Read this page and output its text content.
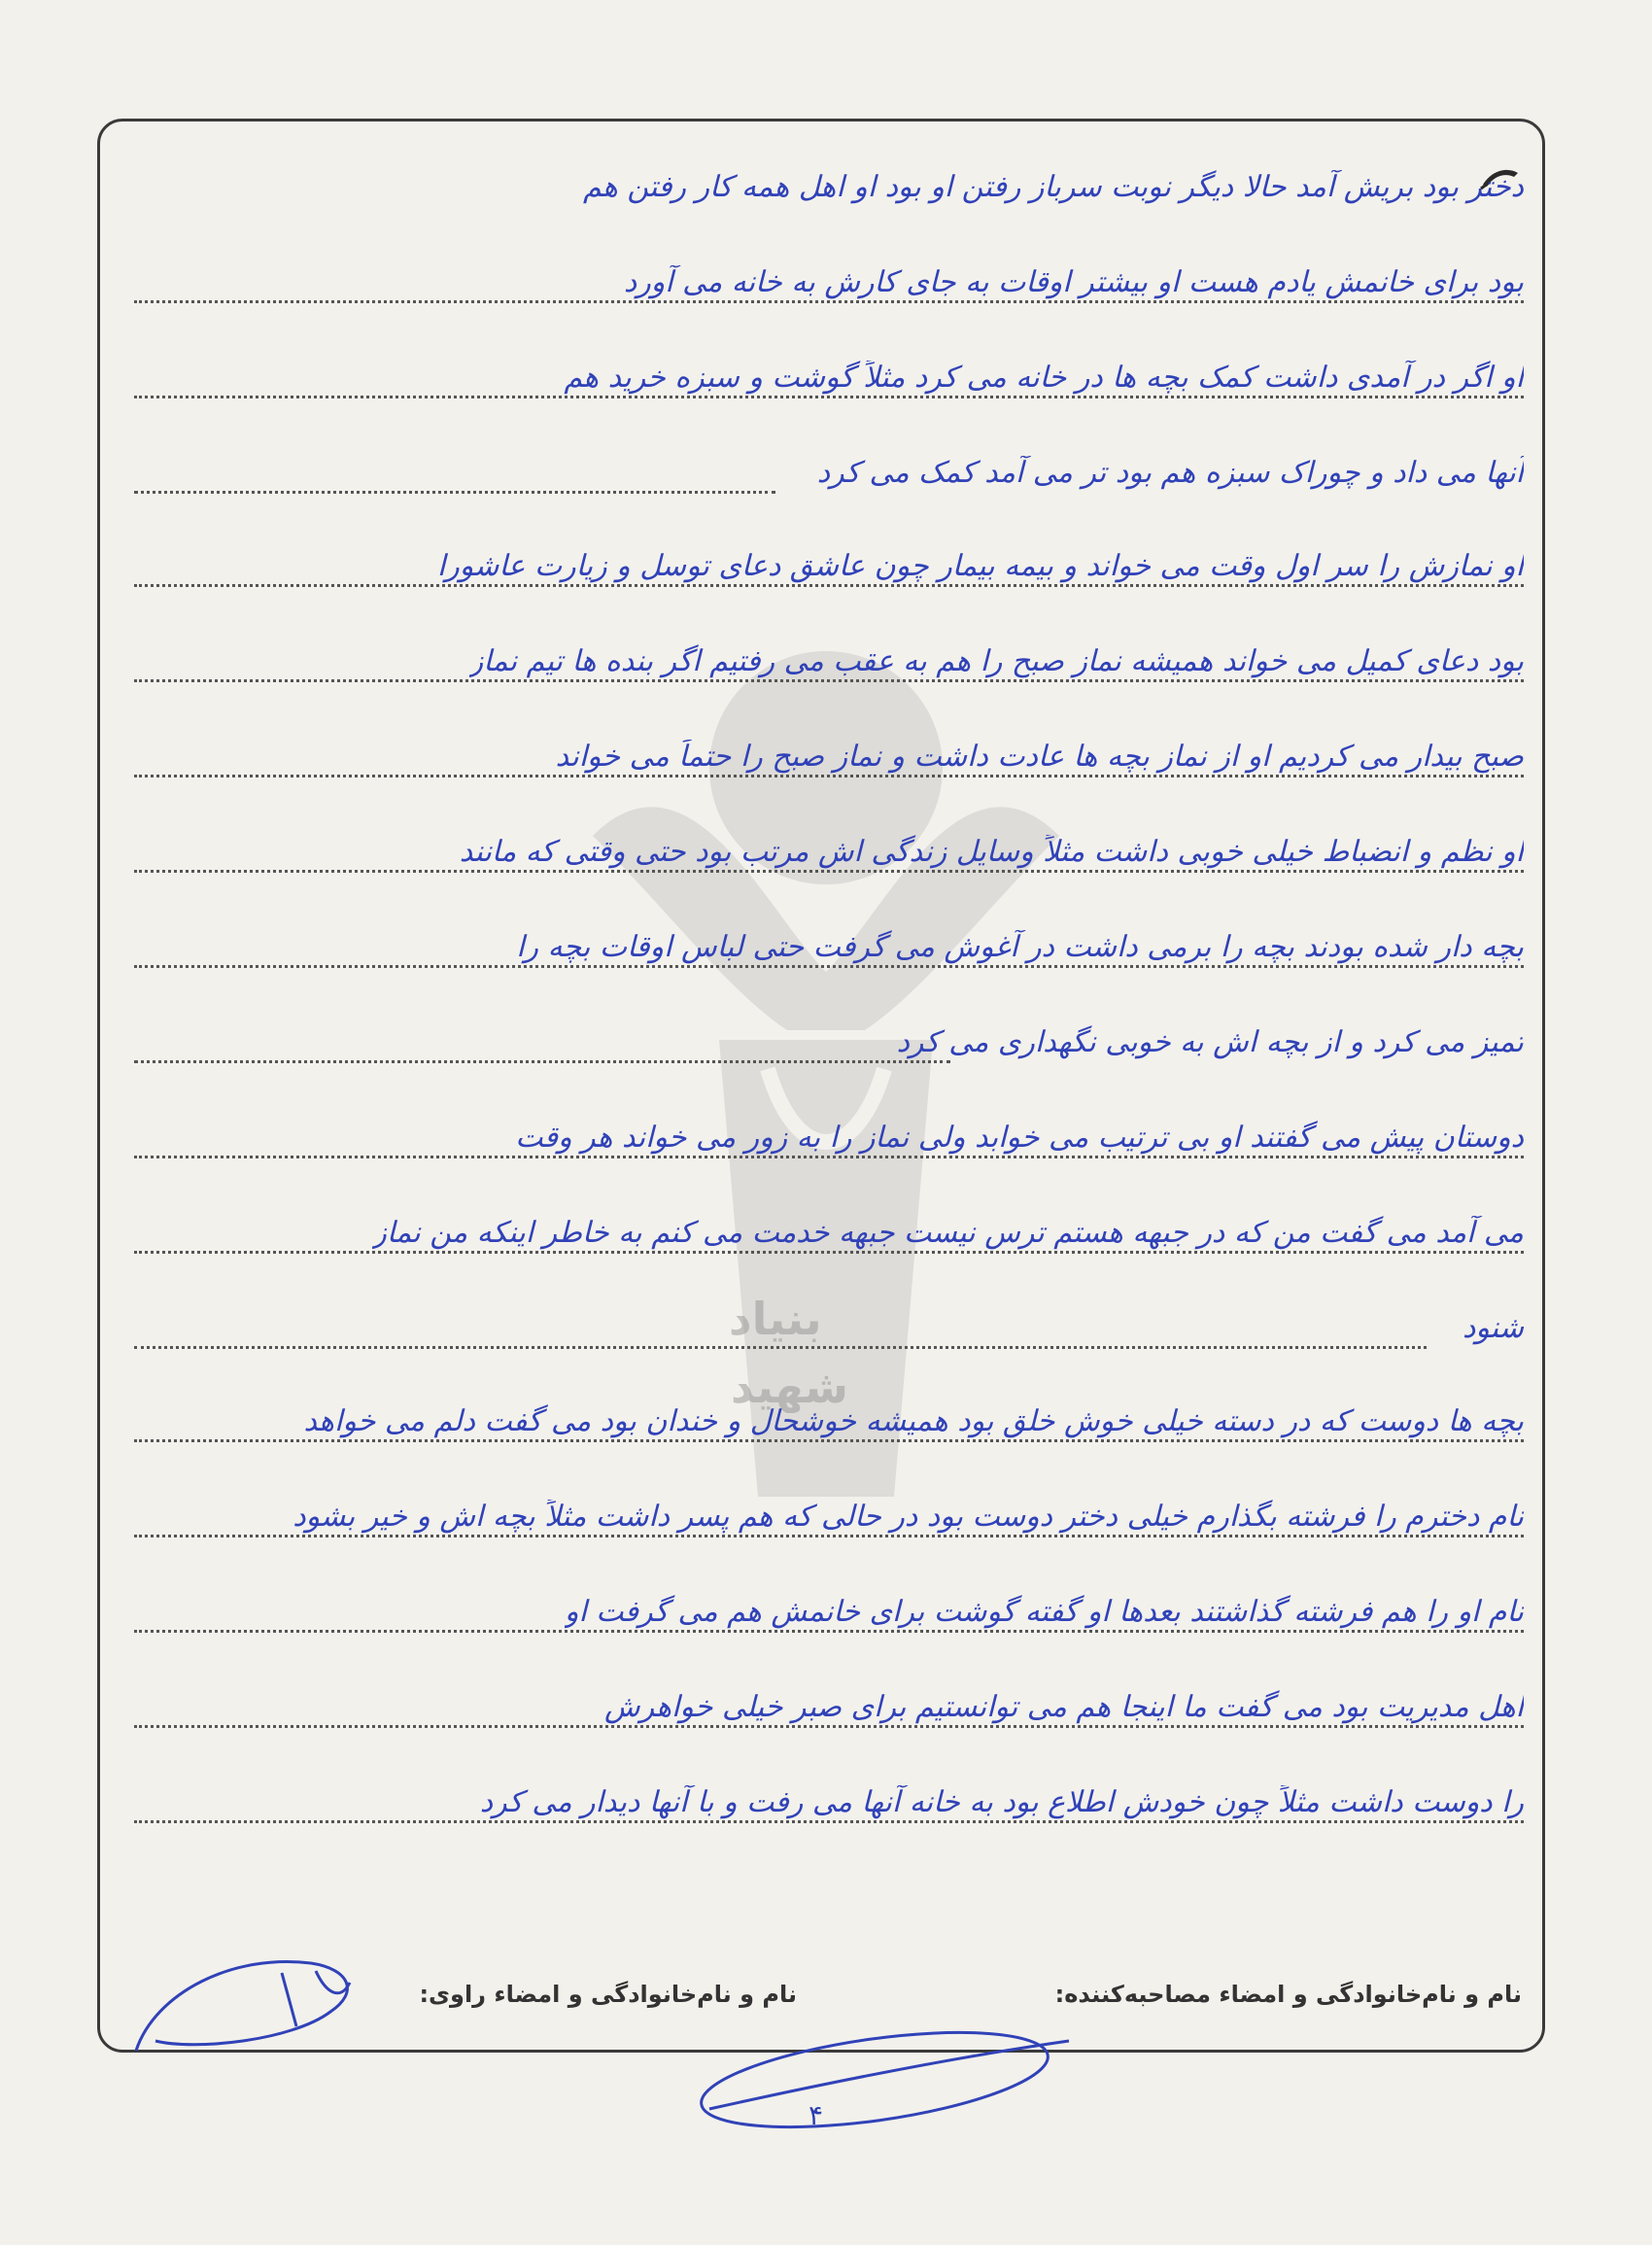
بنیاد
شهید
دختر بود بریش آمد حالا دیگر نوبت سرباز رفتن او بود او اهل همه کار رفتن هم
بود برای خانمش یادم هست او بیشتر اوقات به جای کارش به خانه می آورد
او اگر در آمدی داشت کمک بچه ها در خانه می کرد مثلاً گوشت و سبزه خرید هم
آنها می داد و چوراک سبزه هم بود تر می آمد کمک می کرد
او نمازش را سر اول وقت می خواند و بیمه بیمار چون عاشق دعای توسل و زیارت عاشورا
بود دعای کمیل می خواند همیشه نماز صبح را هم به عقب می رفتیم اگر بنده ها تیم نماز
صبح بیدار می کردیم او از نماز بچه ها عادت داشت و نماز صبح را حتماً می خواند
او نظم و انضباط خیلی خوبی داشت مثلاً وسایل زندگی اش مرتب بود حتی وقتی که مانند
بچه دار شده بودند بچه را برمی داشت در آغوش می گرفت حتی لباس اوقات بچه را
تمیز می کرد و از بچه اش به خوبی نگهداری می کرد
دوستان پیش می گفتند او بی ترتیب می خوابد ولی نماز را به زور می خواند هر وقت
می آمد می گفت من که در جبهه هستم ترس نیست جبهه خدمت می کنم به خاطر اینکه من نماز
شنود
بچه ها دوست که در دسته خیلی خوش خلق بود همیشه خوشحال و خندان بود می گفت دلم می خواهد
نام دخترم را فرشته بگذارم خیلی دختر دوست بود در حالی که هم پسر داشت مثلاً بچه اش و خیر بشود
نام او را هم فرشته گذاشتند بعدها او گفته گوشت برای خانمش هم می گرفت او
اهل مدیریت بود می گفت ما اینجا هم می توانستیم برای صبر خیلی خواهرش
را دوست داشت مثلاً چون خودش اطلاع بود به خانه آنها می رفت و با آنها دیدار می کرد
نام و نام‌خانوادگی و امضاء مصاحبه‌کننده:
نام و نام‌خانوادگی و امضاء راوی:
۴
